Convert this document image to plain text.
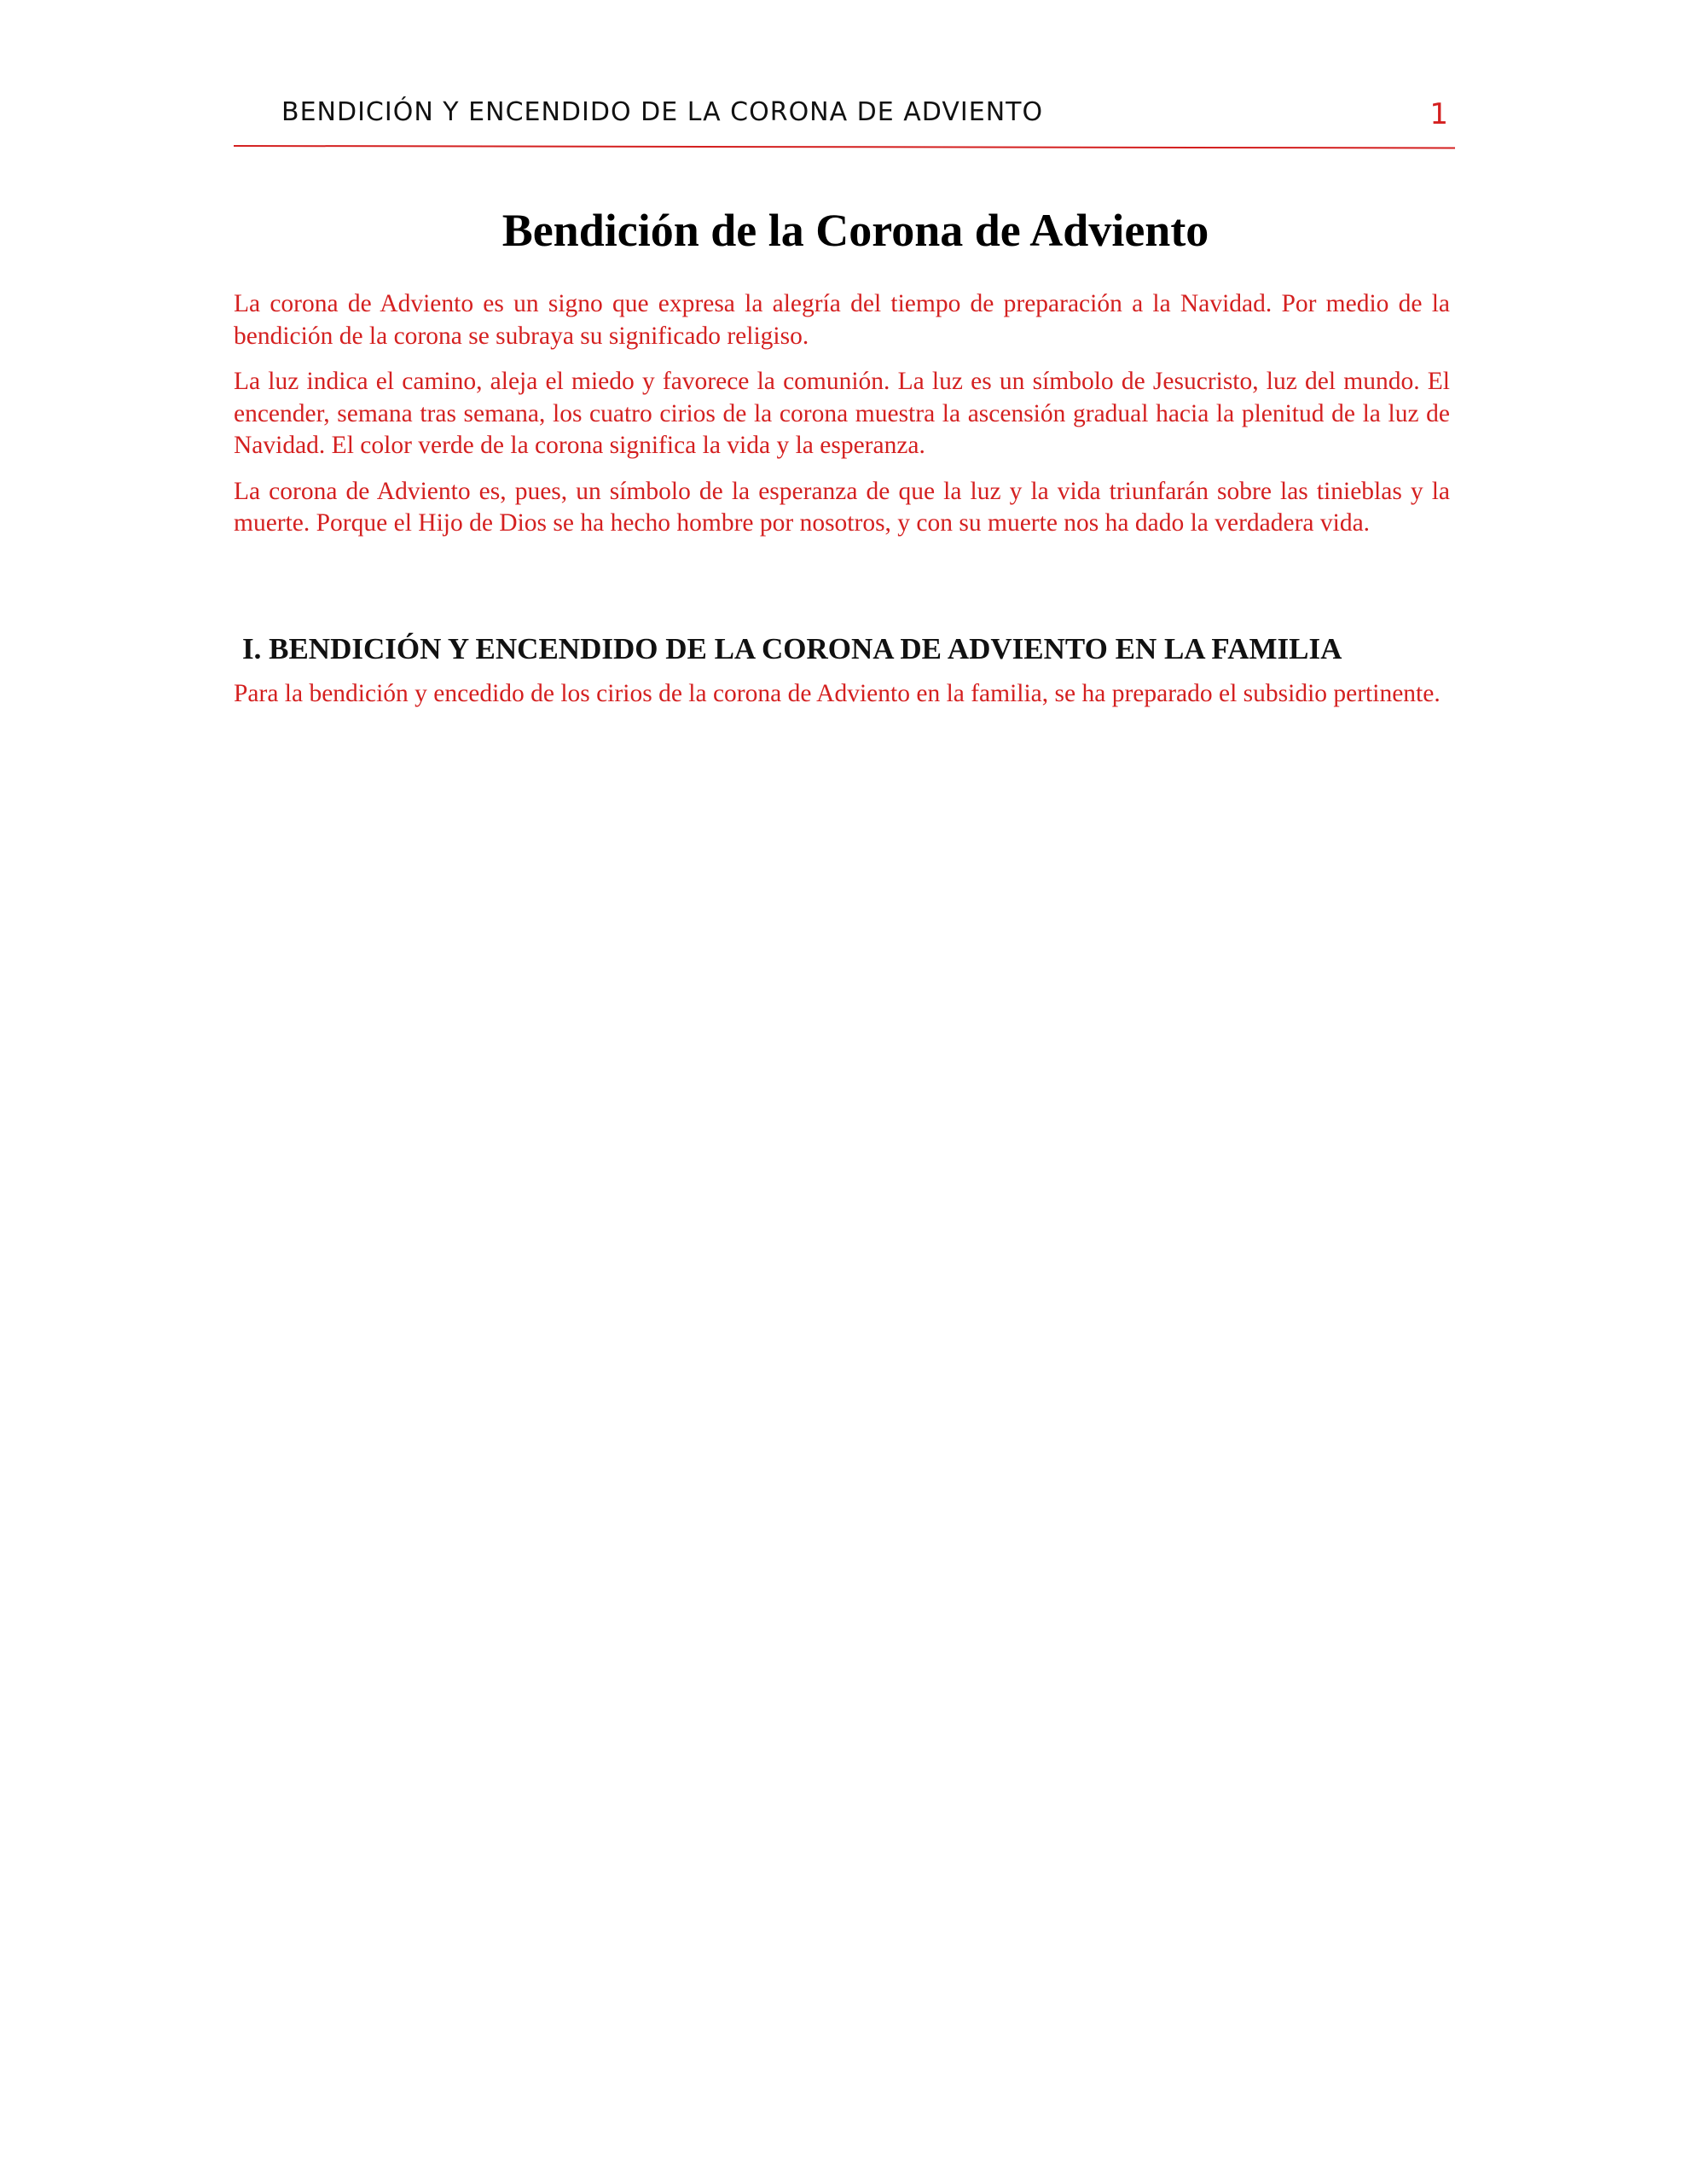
BENDICIÓN Y ENCENDIDO DE LA CORONA DE ADVIENTO	1
Bendición de la Corona de Adviento

La corona de Adviento es un signo que expresa la alegría del tiempo de preparación a la Navidad. Por medio de la bendición de la corona se subraya su significado religiso.

La luz indica el camino, aleja el miedo y favorece la comunión. La luz es un símbolo de Jesucristo, luz del mundo. El encender, semana tras semana, los cuatro cirios de la corona muestra la ascensión gradual hacia la plenitud de la luz de Navidad. El color verde de la corona significa la vida y la esperanza.

La corona de Adviento es, pues, un símbolo de la esperanza de que la luz y la vida triunfarán sobre las tinieblas y la muerte. Porque el Hijo de Dios se ha hecho hombre por nosotros, y con su muerte nos ha dado la verdadera vida.

I. BENDICIÓN Y ENCENDIDO DE LA CORONA DE ADVIENTO EN LA FAMILIA

Para la bendición y encedido de los cirios de la corona de Adviento en la familia, se ha preparado el subsidio pertinente.
